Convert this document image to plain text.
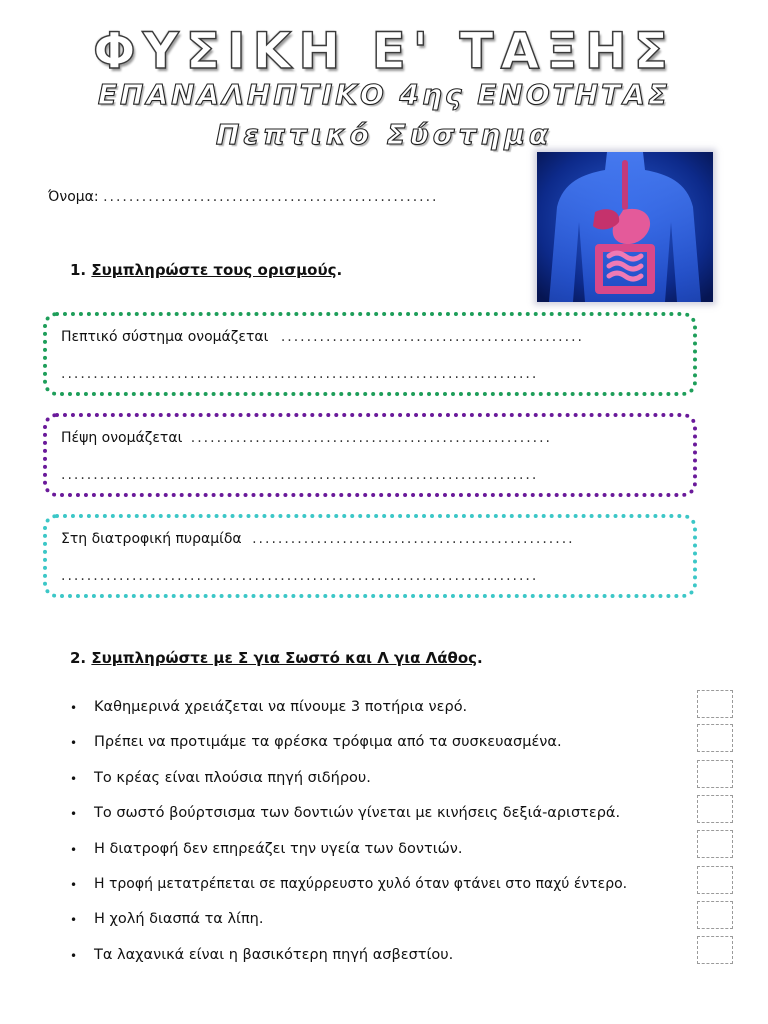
ΦΥΣΙΚΗ Ε' ΤΑΞΗΣ
ΕΠΑΝΑΛΗΠΤΙΚΟ 4ης ΕΝΟΤΗΤΑΣ
Πεπτικό Σύστημα
Όνομα: ....................................................
1. Συμπληρώστε τους ορισμούς.
Πεπτικό σύστημα ονομάζεται ...............................................
..........................................................................
Πέψη ονομάζεται ........................................................
..........................................................................
Στη διατροφική πυραμίδα ..................................................
..........................................................................
2. Συμπληρώστε με Σ για Σωστό και Λ για Λάθος.
• Καθημερινά χρειάζεται να πίνουμε 3 ποτήρια νερό.
• Πρέπει να προτιμάμε τα φρέσκα τρόφιμα από τα συσκευασμένα.
• Το κρέας είναι πλούσια πηγή σιδήρου.
• Το σωστό βούρτσισμα των δοντιών γίνεται με κινήσεις δεξιά-αριστερά.
• Η διατροφή δεν επηρεάζει την υγεία των δοντιών.
• Η τροφή μετατρέπεται σε παχύρρευστο χυλό όταν φτάνει στο παχύ έντερο.
• Η χολή διασπά τα λίπη.
• Τα λαχανικά είναι η βασικότερη πηγή ασβεστίου.
